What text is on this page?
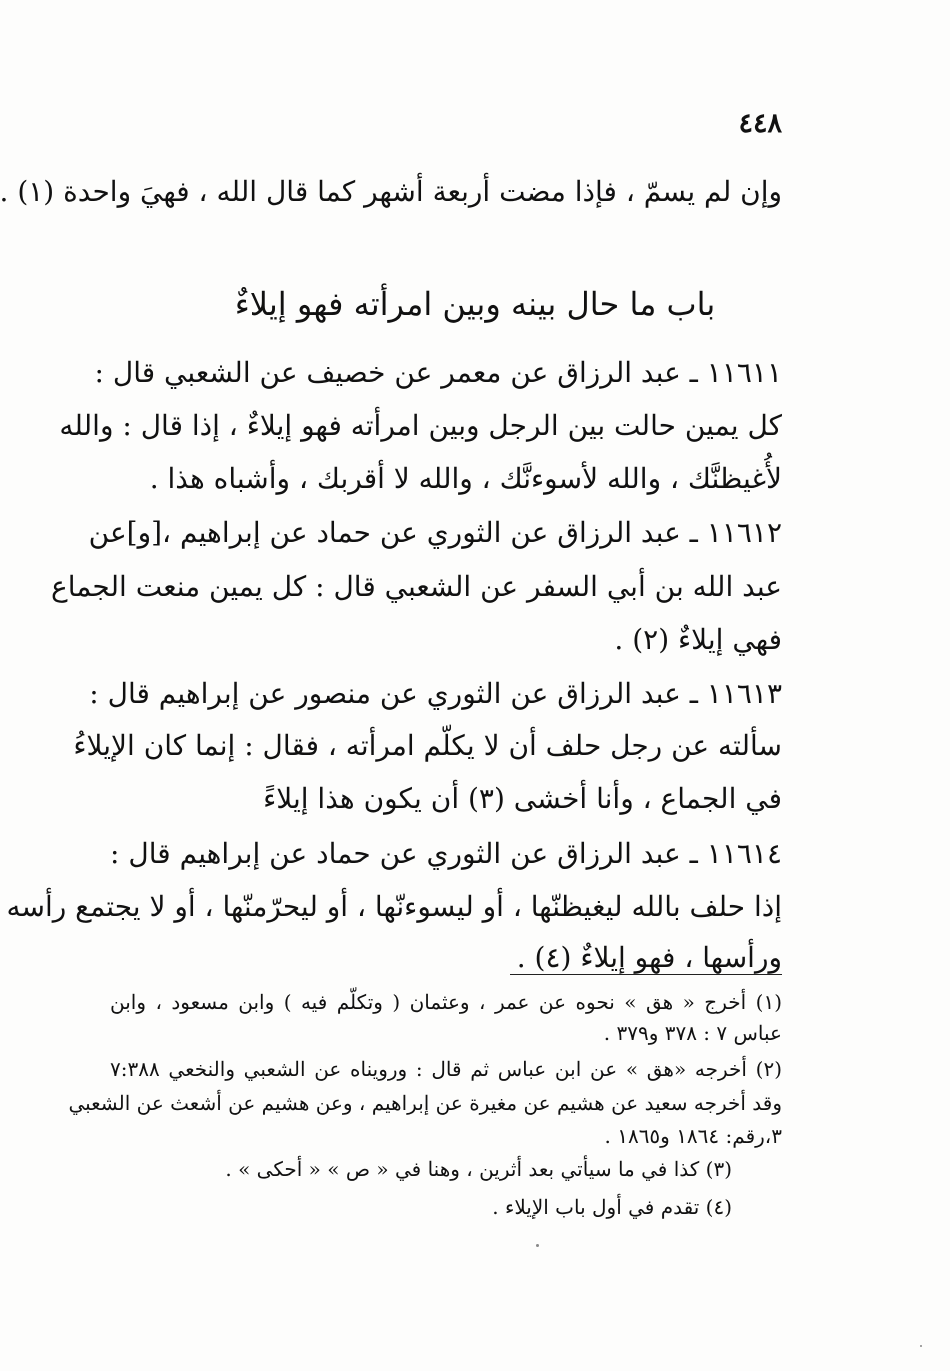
٤٤٨
وإن لم يسمّ ، فإذا مضت أربعة أشهر كما قال الله ، فهيَ واحدة (١) .
باب ما حال بينه وبين امرأته فهو إيلاءٌ
١١٦١١ ـ عبد الرزاق عن معمر عن خصيف عن الشعبي قال :
كل يمين حالت بين الرجل وبين امرأته فهو إيلاءٌ ، إذا قال : والله
لأُغيظنَّك ، والله لأسوءنَّك ، والله لا أقربك ، وأشباه هذا .
١١٦١٢ ـ عبد الرزاق عن الثوري عن حماد عن إبراهيم ،[و]عن
عبد الله بن أبي السفر عن الشعبي قال : كل يمين منعت الجماع
فهي إيلاءٌ (٢) .
١١٦١٣ ـ عبد الرزاق عن الثوري عن منصور عن إبراهيم قال :
سألته عن رجل حلف أن لا يكلّم امرأته ، فقال : إنما كان الإيلاءُ
في الجماع ، وأنا أخشى (٣) أن يكون هذا إيلاءً
١١٦١٤ ـ عبد الرزاق عن الثوري عن حماد عن إبراهيم قال :
إذا حلف بالله ليغيظنّها ، أو ليسوءنّها ، أو ليحرّمنّها ، أو لا يجتمع رأسه
ورأسها ، فهو إيلاءٌ (٤) .
(١) أخرج « هق » نحوه عن عمر ، وعثمان ( وتكلّم فيه ) وابن مسعود ، وابن
عباس ٧ : ٣٧٨ و٣٧٩ .
(٢) أخرجه «هق » عن ابن عباس ثم قال : ورويناه عن الشعبي والنخعي ٧:٣٨٨
وقد أخرجه سعيد عن هشيم عن مغيرة عن إبراهيم ، وعن هشيم عن أشعث عن الشعبي
٣،رقم: ١٨٦٤ و١٨٦٥ .
(٣) كذا في ما سيأتي بعد أثرين ، وهنا في « ص » « أحكى » .
(٤) تقدم في أول باب الإيلاء .
